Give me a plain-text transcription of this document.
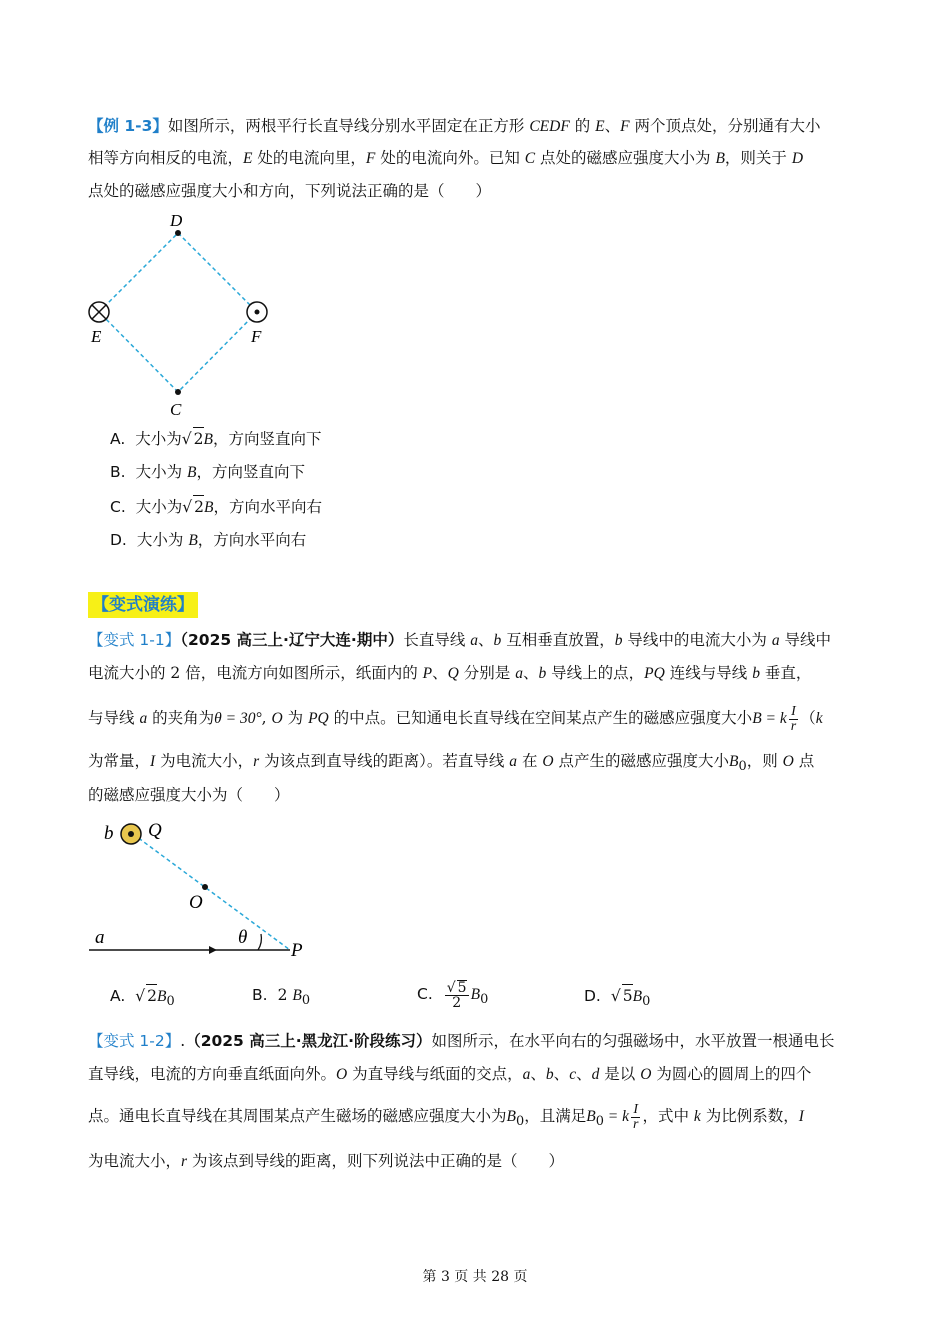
【例 1-3】如图所示，两根平行长直导线分别水平固定在正方形 CEDF 的 E、F 两个顶点处，分别通有大小
相等方向相反的电流，E 处的电流向里，F 处的电流向外。已知 C 点处的磁感应强度大小为 B，则关于 D
点处的磁感应强度大小和方向，下列说法正确的是（　　）
D
E	F
C
A. 大小为√ 2B，方向竖直向下
B. 大小为 B，方向竖直向下
C. 大小为√ 2B，方向水平向右
D. 大小为 B，方向水平向右
【变式演练】
【变式 1-1】（2025 高三上·辽宁大连·期中）长直导线 a、b 互相垂直放置，b 导线中的电流大小为 a 导线中
电流大小的 2 倍，电流方向如图所示，纸面内的 P、Q 分别是 a、b 导线上的点，PQ 连线与导线 b 垂直，
与导线 a 的夹角为θ = 30°, O 为 PQ 的中点。已知通电长直导线在空间某点产生的磁感应强度大小B = k $\frac{I}{r} (k$
为常量，I 为电流大小，r 为该点到直导线的距离）。若直导线 a 在 O 点产生的磁感应强度大小$B_0$，则 O 点
的磁感应强度大小为（　　）
b Q
O
a	θ
P
A. √ $2B_0$	B. 2 $B_0$	C. $\frac{√ 5}{2} B_0$	D. √ $5B_0$
【变式 1-2】.（2025 高三上·黑龙江·阶段练习）如图所示，在水平向右的匀强磁场中，水平放置一根通电长
直导线，电流的方向垂直纸面向外。O 为直导线与纸面的交点，a、b、c、d 是以 O 为圆心的圆周上的四个
点。通电长直导线在其周围某点产生磁场的磁感应强度大小为$B_0$，且满足$B_0 = k \frac{I}{r}$ ，式中 k 为比例系数，I
为电流大小，r 为该点到导线的距离，则下列说法中正确的是（　　）
第 3 页 共 28 页
